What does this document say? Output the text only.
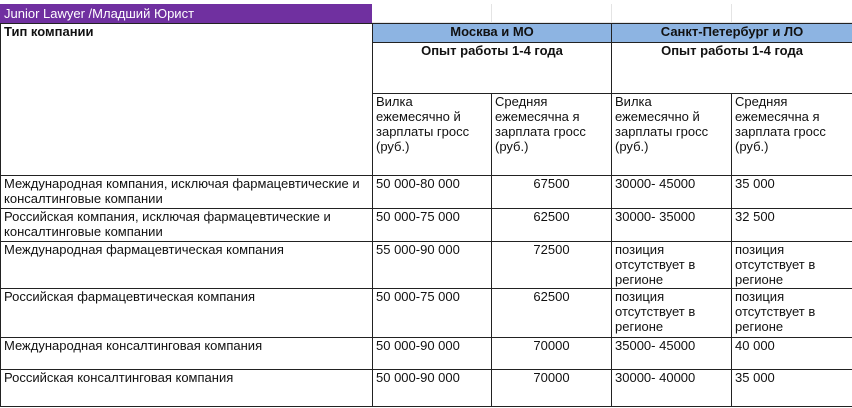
Junior Lawyer /Младший Юрист
Тип компании	Москва и МО		Санкт-Петербург и ЛО	
	Опыт работы 1-4 года		Опыт работы 1-4 года	
	Вилка ежемесячно й зарплаты гросс (руб.)	Средняя ежемесячна я зарплата гросс (руб.)	Вилка ежемесячно й зарплаты гросс (руб.)	Средняя ежемесячна я зарплата гросс (руб.)
Международная компания, исключая фармацевтические и консалтинговые компании	50 000-80 000	67500	30000- 45000	35 000
Российская компания, исключая фармацевтические и консалтинговые компании	50 000-75 000	62500	30000- 35000	32 500
Международная фармацевтическая компания	55 000-90 000	72500	позиция отсутствует в регионе	позиция отсутствует в регионе
Российская фармацевтическая компания	50 000-75 000	62500	позиция отсутствует в регионе	позиция отсутствует в регионе
Международная консалтинговая компания	50 000-90 000	70000	35000- 45000	40 000
Российская консалтинговая компания	50 000-90 000	70000	30000- 40000	35 000
